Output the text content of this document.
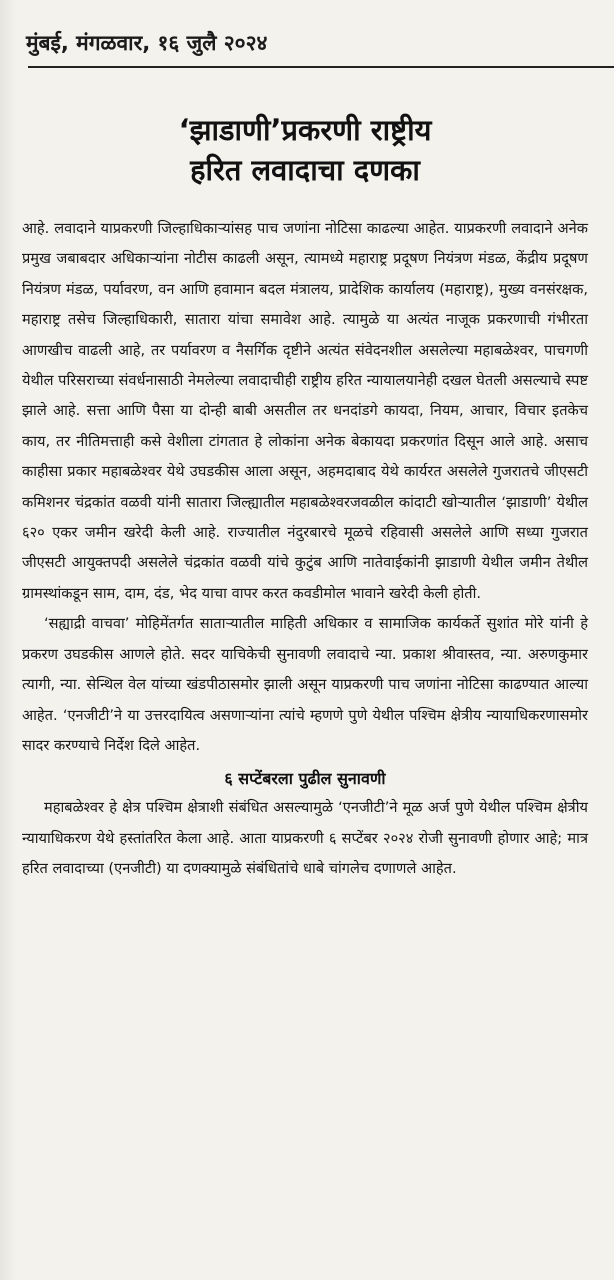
मुंबई, मंगळवार, १६ जुलै २०२४
‘झाडाणी’प्रकरणी राष्ट्रीय
हरित लवादाचा दणका

आहे. लवादाने याप्रकरणी जिल्हाधिकाऱ्यांसह पाच जणांना नोटिसा काढल्या आहेत. याप्रकरणी लवादाने अनेक प्रमुख जबाबदार अधिकाऱ्यांना नोटीस काढली असून, त्यामध्ये महाराष्ट्र प्रदूषण नियंत्रण मंडळ, केंद्रीय प्रदूषण नियंत्रण मंडळ, पर्यावरण, वन आणि हवामान बदल मंत्रालय, प्रादेशिक कार्यालय (महाराष्ट्र), मुख्य वनसंरक्षक, महाराष्ट्र तसेच जिल्हाधिकारी, सातारा यांचा समावेश आहे. त्यामुळे या अत्यंत नाजूक प्रकरणाची गंभीरता आणखीच वाढली आहे, तर पर्यावरण व नैसर्गिक दृष्टीने अत्यंत संवेदनशील असलेल्या महाबळेश्वर, पाचगणी येथील परिसराच्या संवर्धनासाठी नेमलेल्या लवादाचीही राष्ट्रीय हरित न्यायालयानेही दखल घेतली असल्याचे स्पष्ट झाले आहे. सत्ता आणि पैसा या दोन्ही बाबी असतील तर धनदांडगे कायदा, नियम, आचार, विचार इतकेच काय, तर नीतिमत्ताही कसे वेशीला टांगतात हे लोकांना अनेक बेकायदा प्रकरणांत दिसून आले आहे. असाच काहीसा प्रकार महाबळेश्वर येथे उघडकीस आला असून, अहमदाबाद येथे कार्यरत असलेले गुजरातचे जीएसटी कमिशनर चंद्रकांत वळवी यांनी सातारा जिल्ह्यातील महाबळेश्वरजवळील कांदाटी खोऱ्यातील ‘झाडाणी’ येथील ६२० एकर जमीन खरेदी केली आहे. राज्यातील नंदुरबारचे मूळचे रहिवासी असलेले आणि सध्या गुजरात जीएसटी आयुक्तपदी असलेले चंद्रकांत वळवी यांचे कुटुंब आणि नातेवाईकांनी झाडाणी येथील जमीन तेथील ग्रामस्थांकडून साम, दाम, दंड, भेद याचा वापर करत कवडीमोल भावाने खरेदी केली होती.

‘सह्याद्री वाचवा’ मोहिमेंतर्गत साताऱ्यातील माहिती अधिकार व सामाजिक कार्यकर्ते सुशांत मोरे यांनी हे प्रकरण उघडकीस आणले होते. सदर याचिकेची सुनावणी लवादाचे न्या. प्रकाश श्रीवास्तव, न्या. अरुणकुमार त्यागी, न्या. सेन्थिल वेल यांच्या खंडपीठासमोर झाली असून याप्रकरणी पाच जणांना नोटिसा काढण्यात आल्या आहेत. ‘एनजीटी’ने या उत्तरदायित्व असणाऱ्यांना त्यांचे म्हणणे पुणे येथील पश्चिम क्षेत्रीय न्यायाधिकरणासमोर सादर करण्याचे निर्देश दिले आहेत.

६ सप्टेंबरला पुढील सुनावणी

महाबळेश्वर हे क्षेत्र पश्चिम क्षेत्राशी संबंधित असल्यामुळे ‘एनजीटी’ने मूळ अर्ज पुणे येथील पश्चिम क्षेत्रीय न्यायाधिकरण येथे हस्तांतरित केला आहे. आता याप्रकरणी ६ सप्टेंबर २०२४ रोजी सुनावणी होणार आहे; मात्र हरित लवादाच्या (एनजीटी) या दणक्यामुळे संबंधितांचे धाबे चांगलेच दणाणले आहेत.
